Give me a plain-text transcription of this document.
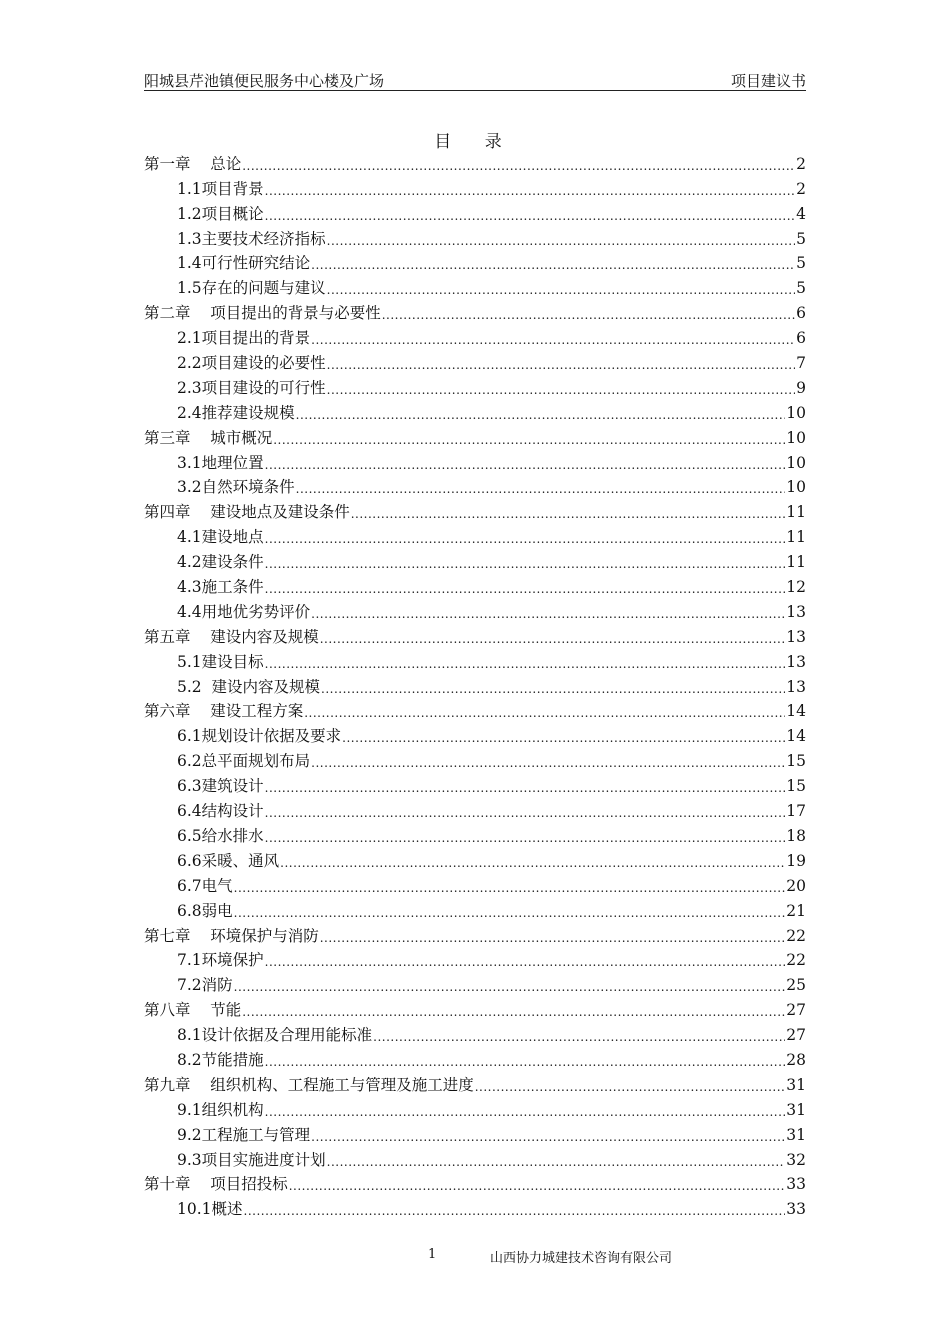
阳城县芹池镇便民服务中心楼及广场	项目建议书
目 录
第一章    总论 .....	2
1.1项目背景 .....	2
1.2项目概论 .....	4
1.3主要技术经济指标 .....	5
1.4可行性研究结论 .....	5
1.5存在的问题与建议 .....	5
第二章    项目提出的背景与必要性 .....	6
2.1项目提出的背景 .....	6
2.2项目建设的必要性 .....	7
2.3项目建设的可行性 .....	9
2.4推荐建设规模 .....	10
第三章    城市概况 .....	10
3.1地理位置 .....	10
3.2自然环境条件 .....	10
第四章    建设地点及建设条件 .....	11
4.1建设地点 .....	11
4.2建设条件 .....	11
4.3施工条件 .....	12
4.4用地优劣势评价 .....	13
第五章    建设内容及规模 .....	13
5.1建设目标 .....	13
5.2  建设内容及规模 .....	13
第六章    建设工程方案 .....	14
6.1规划设计依据及要求 .....	14
6.2总平面规划布局 .....	15
6.3建筑设计 .....	15
6.4结构设计 .....	17
6.5给水排水 .....	18
6.6采暖、通风 .....	19
6.7电气 .....	20
6.8弱电 .....	21
第七章    环境保护与消防 .....	22
7.1环境保护 .....	22
7.2消防 .....	25
第八章    节能 .....	27
8.1设计依据及合理用能标准 .....	27
8.2节能措施 .....	28
第九章    组织机构、工程施工与管理及施工进度 .....	31
9.1组织机构 .....	31
9.2工程施工与管理 .....	31
9.3项目实施进度计划 .....	32
第十章    项目招投标 .....	33
10.1概述 .....	33
1	山西协力城建技术咨询有限公司
